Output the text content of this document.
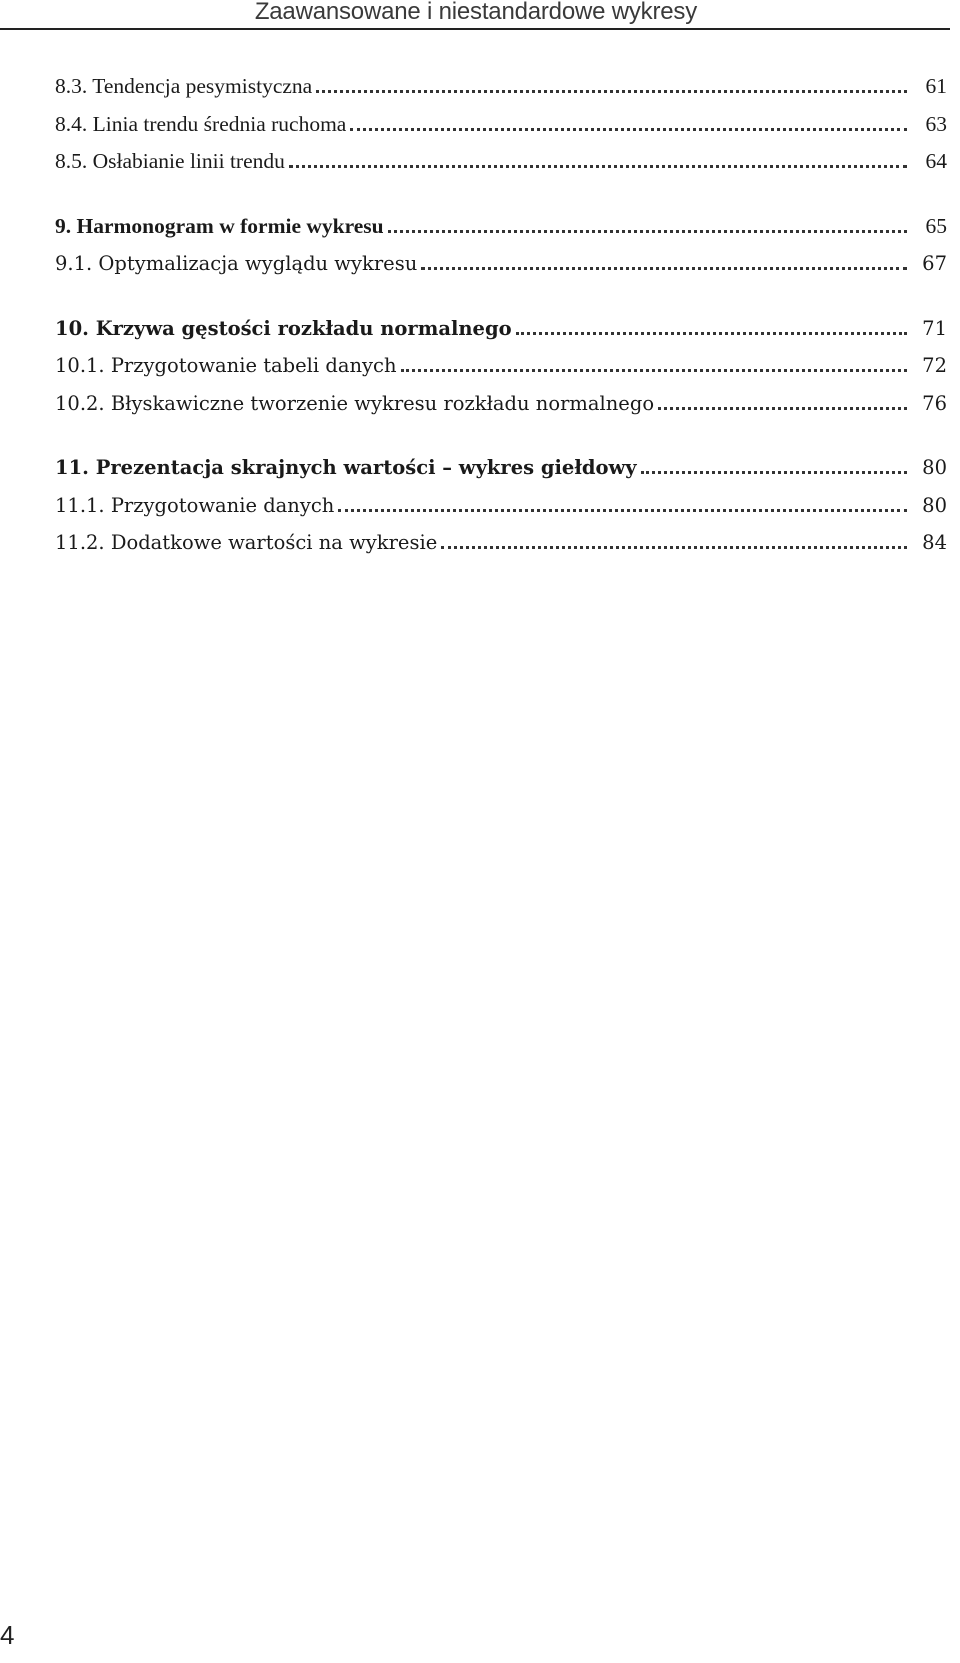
Zaawansowane i niestandardowe wykresy
8.3. Tendencja pesymistyczna	61
8.4. Linia trendu średnia ruchoma	63
8.5. Osłabianie linii trendu	64
9. Harmonogram w formie wykresu	65
9.1. Optymalizacja wyglądu wykresu	67
10. Krzywa gęstości rozkładu normalnego	71
10.1. Przygotowanie tabeli danych	72
10.2. Błyskawiczne tworzenie wykresu rozkładu normalnego	76
11. Prezentacja skrajnych wartości – wykres giełdowy	80
11.1. Przygotowanie danych	80
11.2. Dodatkowe wartości na wykresie	84
4
